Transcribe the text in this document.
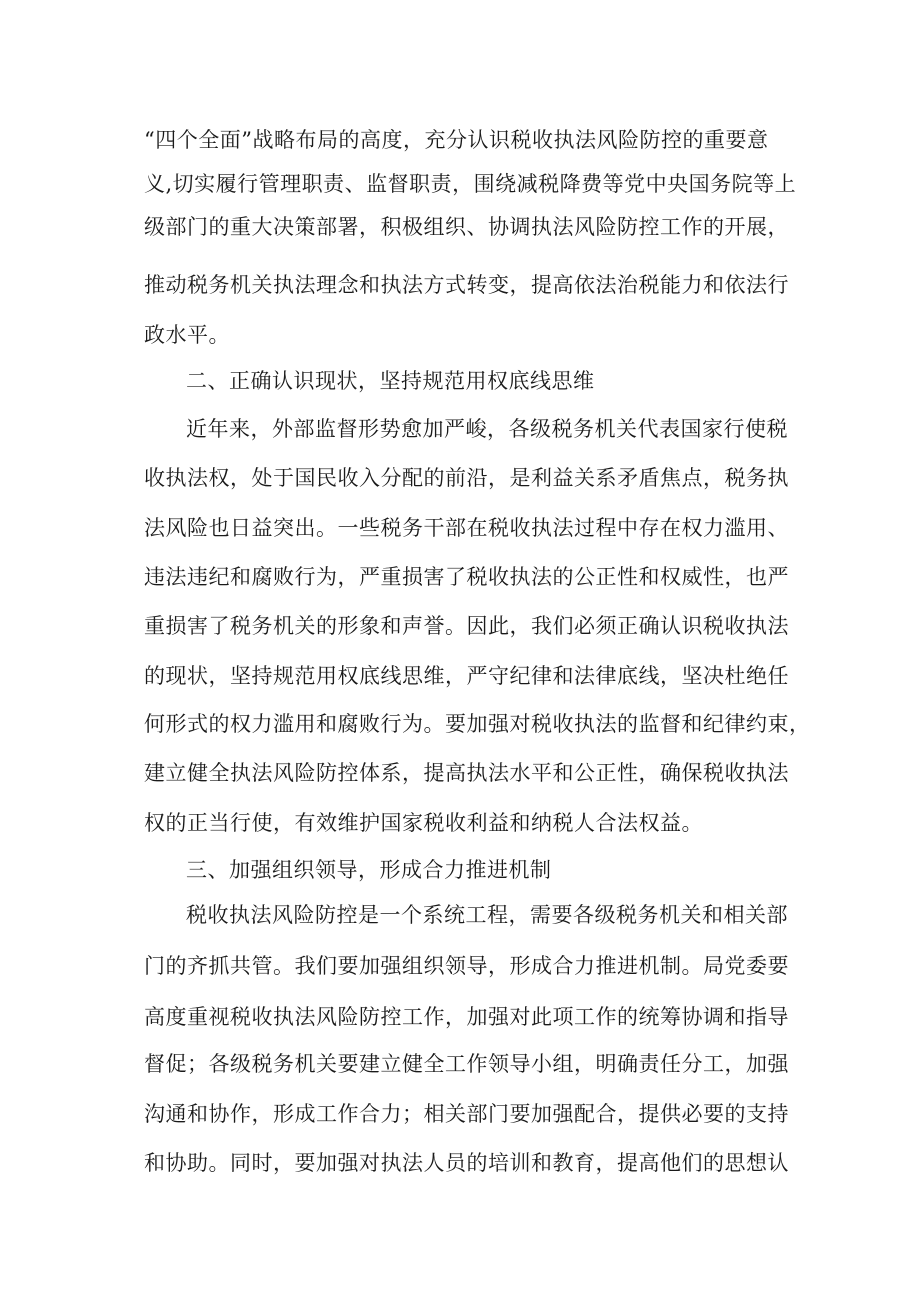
“四个全面”战略布局的高度，充分认识税收执法风险防控的重要意
义,切实履行管理职责、监督职责，围绕减税降费等党中央国务院等上
级部门的重大决策部署，积极组织、协调执法风险防控工作的开展，
推动税务机关执法理念和执法方式转变，提高依法治税能力和依法行
政水平。
二、正确认识现状，坚持规范用权底线思维
近年来，外部监督形势愈加严峻，各级税务机关代表国家行使税
收执法权，处于国民收入分配的前沿，是利益关系矛盾焦点，税务执
法风险也日益突出。一些税务干部在税收执法过程中存在权力滥用、
违法违纪和腐败行为，严重损害了税收执法的公正性和权威性，也严
重损害了税务机关的形象和声誉。因此，我们必须正确认识税收执法
的现状，坚持规范用权底线思维，严守纪律和法律底线，坚决杜绝任
何形式的权力滥用和腐败行为。要加强对税收执法的监督和纪律约束，
建立健全执法风险防控体系，提高执法水平和公正性，确保税收执法
权的正当行使，有效维护国家税收利益和纳税人合法权益。
三、加强组织领导，形成合力推进机制
税收执法风险防控是一个系统工程，需要各级税务机关和相关部
门的齐抓共管。我们要加强组织领导，形成合力推进机制。局党委要
高度重视税收执法风险防控工作，加强对此项工作的统筹协调和指导
督促；各级税务机关要建立健全工作领导小组，明确责任分工，加强
沟通和协作，形成工作合力；相关部门要加强配合，提供必要的支持
和协助。同时，要加强对执法人员的培训和教育，提高他们的思想认
